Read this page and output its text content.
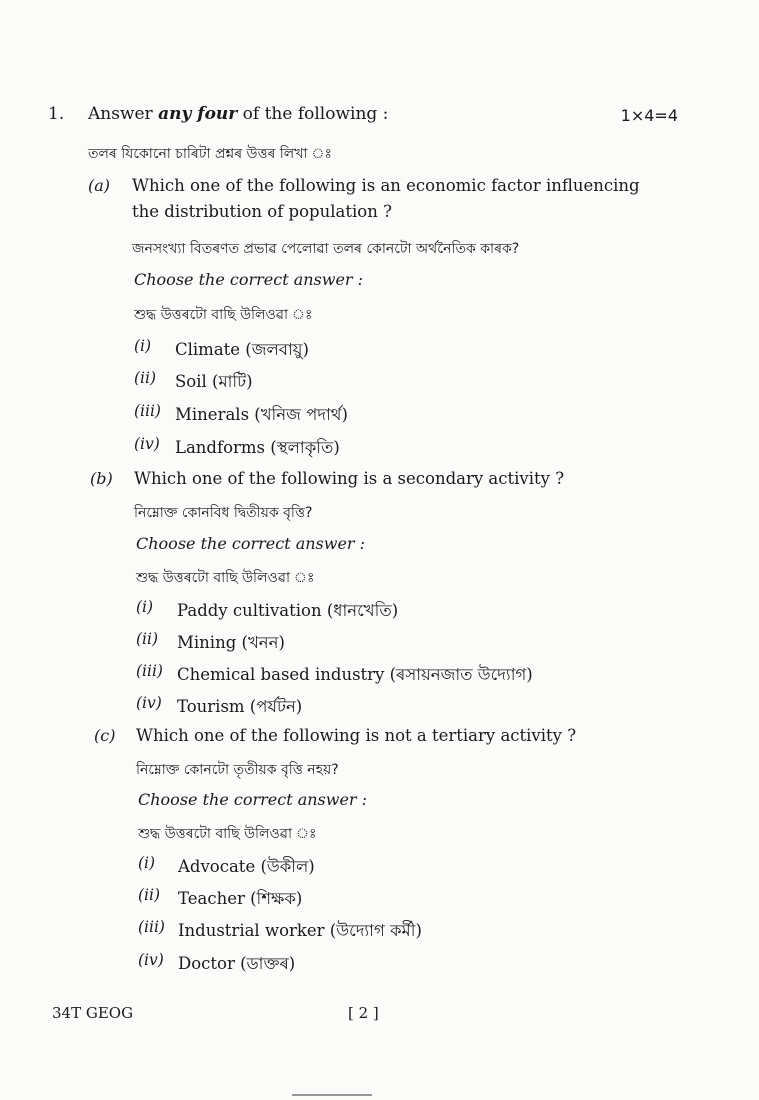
1. Answer any four of the following :	1×4=4
তলৰ যিকোনো চাৰিটা প্ৰশ্নৰ উত্তৰ লিখা ঃ
(a) Which one of the following is an economic factor influencing
the distribution of population ?
জনসংখ্যা বিতৰণত প্ৰভাৱ পেলোৱা তলৰ কোনটো অৰ্থনৈতিক কাৰক?
Choose the correct answer :
শুদ্ধ উত্তৰটো বাছি উলিওৱা ঃ
(i) Climate (জলবায়ু)
(ii) Soil (মাটি)
(iii) Minerals (খনিজ পদাৰ্থ)
(iv) Landforms (স্থলাকৃতি)
(b) Which one of the following is a secondary activity ?
নিম্নোক্ত কোনবিধ দ্বিতীয়ক বৃত্তি?
Choose the correct answer :
শুদ্ধ উত্তৰটো বাছি উলিওৱা ঃ
(i) Paddy cultivation (ধানখেতি)
(ii) Mining (খনন)
(iii) Chemical based industry (ৰসায়নজাত উদ্যোগ)
(iv) Tourism (পৰ্যটন)
(c) Which one of the following is not a tertiary activity ?
নিম্নোক্ত কোনটো তৃতীয়ক বৃত্তি নহয়?
Choose the correct answer :
শুদ্ধ উত্তৰটো বাছি উলিওৱা ঃ
(i) Advocate (উকীল)
(ii) Teacher (শিক্ষক)
(iii) Industrial worker (উদ্যোগ কৰ্মী)
(iv) Doctor (ডাক্তৰ)
34T GEOG	[ 2 ]
